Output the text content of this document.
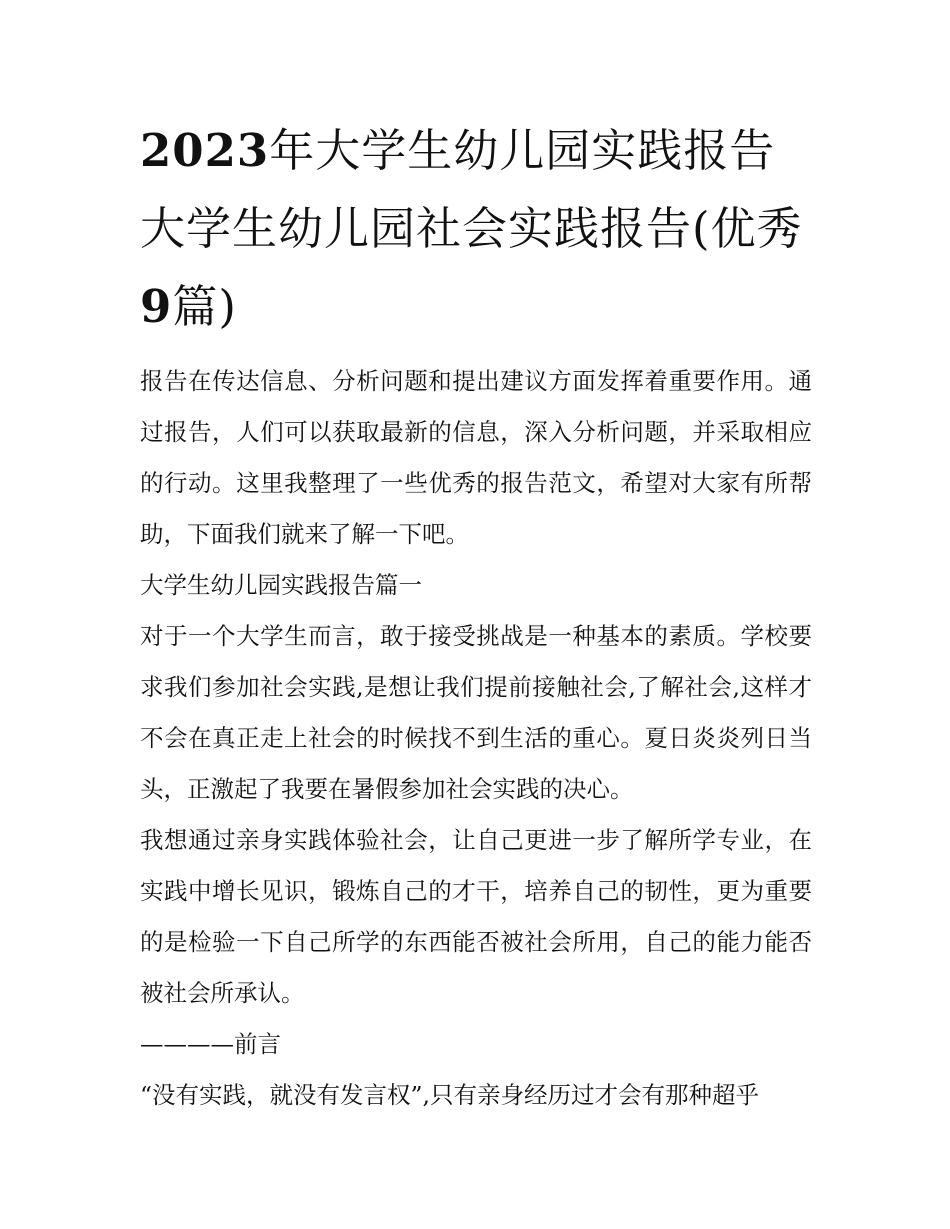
2023年大学生幼儿园实践报告大学生幼儿园社会实践报告(优秀9篇)

报告在传达信息、分析问题和提出建议方面发挥着重要作用。通过报告，人们可以获取最新的信息，深入分析问题，并采取相应的行动。这里我整理了一些优秀的报告范文，希望对大家有所帮助，下面我们就来了解一下吧。

大学生幼儿园实践报告篇一

对于一个大学生而言，敢于接受挑战是一种基本的素质。学校要求我们参加社会实践,是想让我们提前接触社会,了解社会,这样才不会在真正走上社会的时候找不到生活的重心。夏日炎炎列日当头，正激起了我要在暑假参加社会实践的决心。

我想通过亲身实践体验社会，让自己更进一步了解所学专业，在实践中增长见识，锻炼自己的才干，培养自己的韧性，更为重要的是检验一下自己所学的东西能否被社会所用，自己的能力能否被社会所承认。

————前言

“没有实践，就没有发言权”,只有亲身经历过才会有那种超乎
